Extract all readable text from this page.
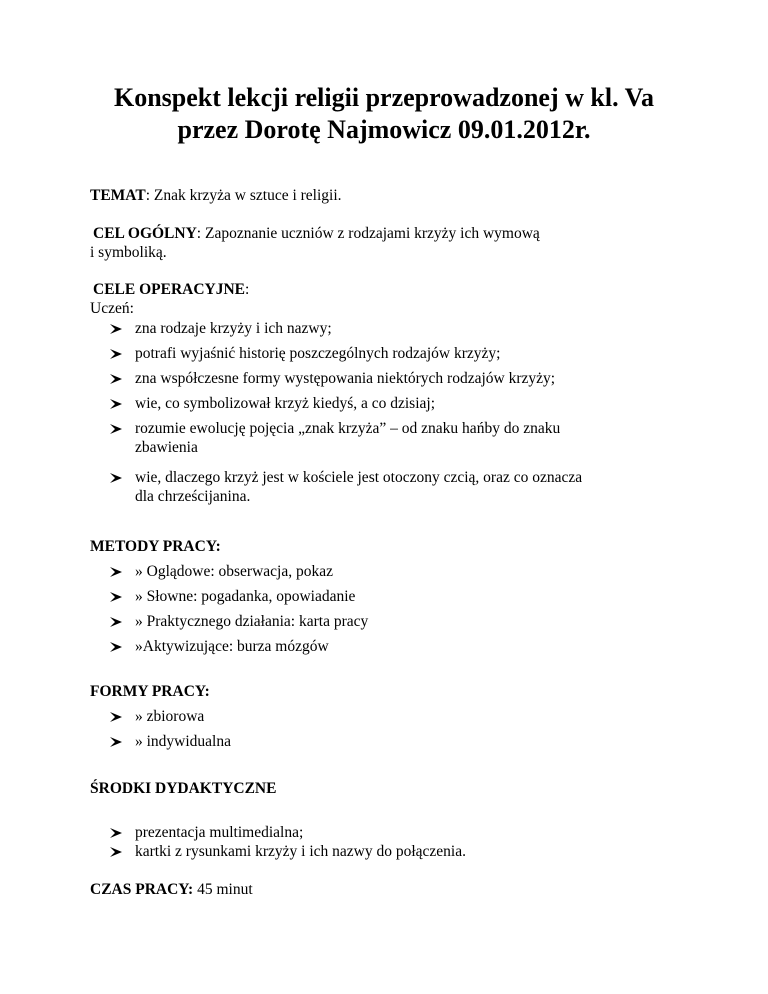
Konspekt lekcji religii przeprowadzonej w kl. Va
przez Dorotę Najmowicz 09.01.2012r.
TEMAT: Znak krzyża w sztuce i religii.
CEL OGÓLNY: Zapoznanie uczniów z rodzajami krzyży ich wymową
i symboliką.
CELE OPERACYJNE:
Uczeń:
zna rodzaje krzyży i ich nazwy;
potrafi wyjaśnić historię poszczególnych rodzajów krzyży;
zna współczesne formy występowania niektórych rodzajów krzyży;
wie, co symbolizował krzyż kiedyś, a co dzisiaj;
rozumie ewolucję pojęcia „znak krzyża” – od znaku hańby do znaku
zbawienia
wie, dlaczego krzyż jest w kościele jest otoczony czcią, oraz co oznacza
dla chrześcijanina.
METODY PRACY:
» Oglądowe: obserwacja, pokaz
» Słowne: pogadanka, opowiadanie
» Praktycznego działania: karta pracy
»Aktywizujące: burza mózgów
FORMY PRACY:
» zbiorowa
» indywidualna
ŚRODKI DYDAKTYCZNE
prezentacja multimedialna;
kartki z rysunkami krzyży i ich nazwy do połączenia.
CZAS PRACY: 45 minut
